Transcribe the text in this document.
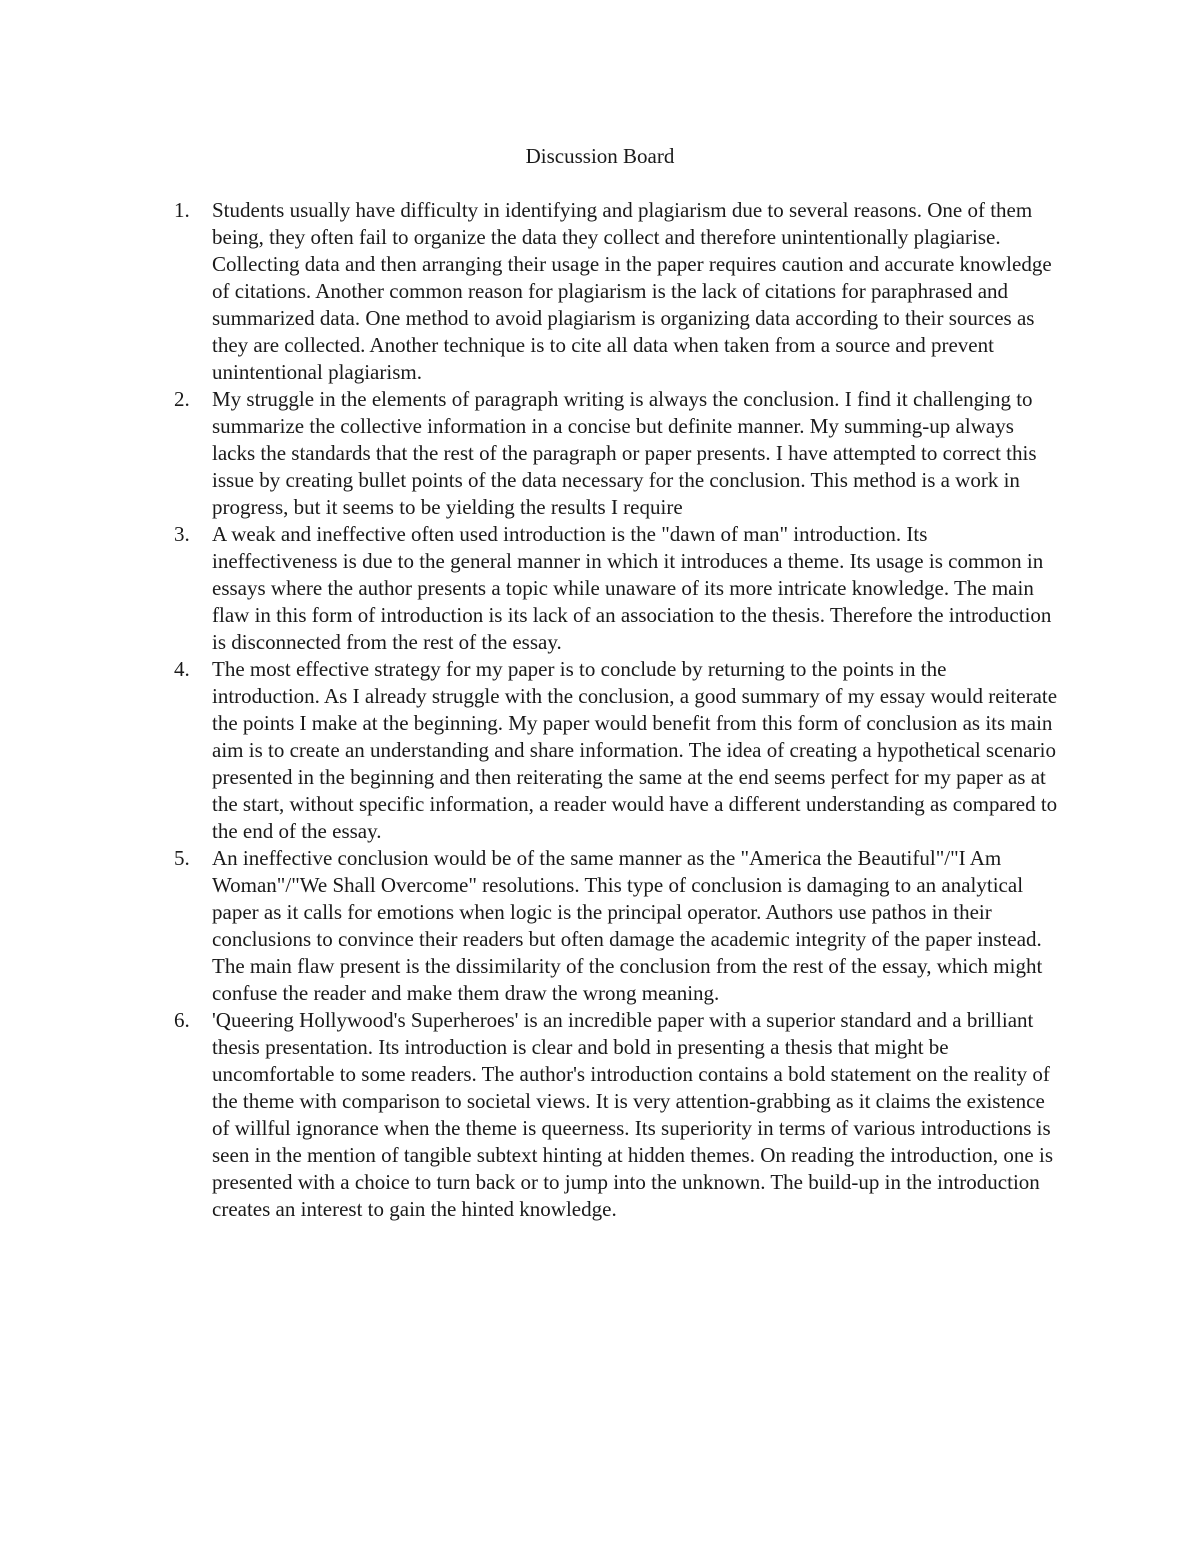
Discussion Board
1.	Students usually have difficulty in identifying and plagiarism due to several reasons. One of them being, they often fail to organize the data they collect and therefore unintentionally plagiarise. Collecting data and then arranging their usage in the paper requires caution and accurate knowledge of citations. Another common reason for plagiarism is the lack of citations for paraphrased and summarized data. One method to avoid plagiarism is organizing data according to their sources as they are collected. Another technique is to cite all data when taken from a source and prevent unintentional plagiarism.
2.	My struggle in the elements of paragraph writing is always the conclusion. I find it challenging to summarize the collective information in a concise but definite manner. My summing-up always lacks the standards that the rest of the paragraph or paper presents. I have attempted to correct this issue by creating bullet points of the data necessary for the conclusion. This method is a work in progress, but it seems to be yielding the results I require
3.	A weak and ineffective often used introduction is the "dawn of man" introduction. Its ineffectiveness is due to the general manner in which it introduces a theme. Its usage is common in essays where the author presents a topic while unaware of its more intricate knowledge. The main flaw in this form of introduction is its lack of an association to the thesis. Therefore the introduction is disconnected from the rest of the essay.
4.	The most effective strategy for my paper is to conclude by returning to the points in the introduction. As I already struggle with the conclusion, a good summary of my essay would reiterate the points I make at the beginning. My paper would benefit from this form of conclusion as its main aim is to create an understanding and share information. The idea of creating a hypothetical scenario presented in the beginning and then reiterating the same at the end seems perfect for my paper as at the start, without specific information, a reader would have a different understanding as compared to the end of the essay.
5.	An ineffective conclusion would be of the same manner as the "America the Beautiful"/"I Am Woman"/"We Shall Overcome" resolutions. This type of conclusion is damaging to an analytical paper as it calls for emotions when logic is the principal operator. Authors use pathos in their conclusions to convince their readers but often damage the academic integrity of the paper instead. The main flaw present is the dissimilarity of the conclusion from the rest of the essay, which might confuse the reader and make them draw the wrong meaning.
6.	'Queering Hollywood's Superheroes' is an incredible paper with a superior standard and a brilliant thesis presentation. Its introduction is clear and bold in presenting a thesis that might be uncomfortable to some readers. The author's introduction contains a bold statement on the reality of the theme with comparison to societal views. It is very attention-grabbing as it claims the existence of willful ignorance when the theme is queerness. Its superiority in terms of various introductions is seen in the mention of tangible subtext hinting at hidden themes. On reading the introduction, one is presented with a choice to turn back or to jump into the unknown. The build-up in the introduction creates an interest to gain the hinted knowledge.
